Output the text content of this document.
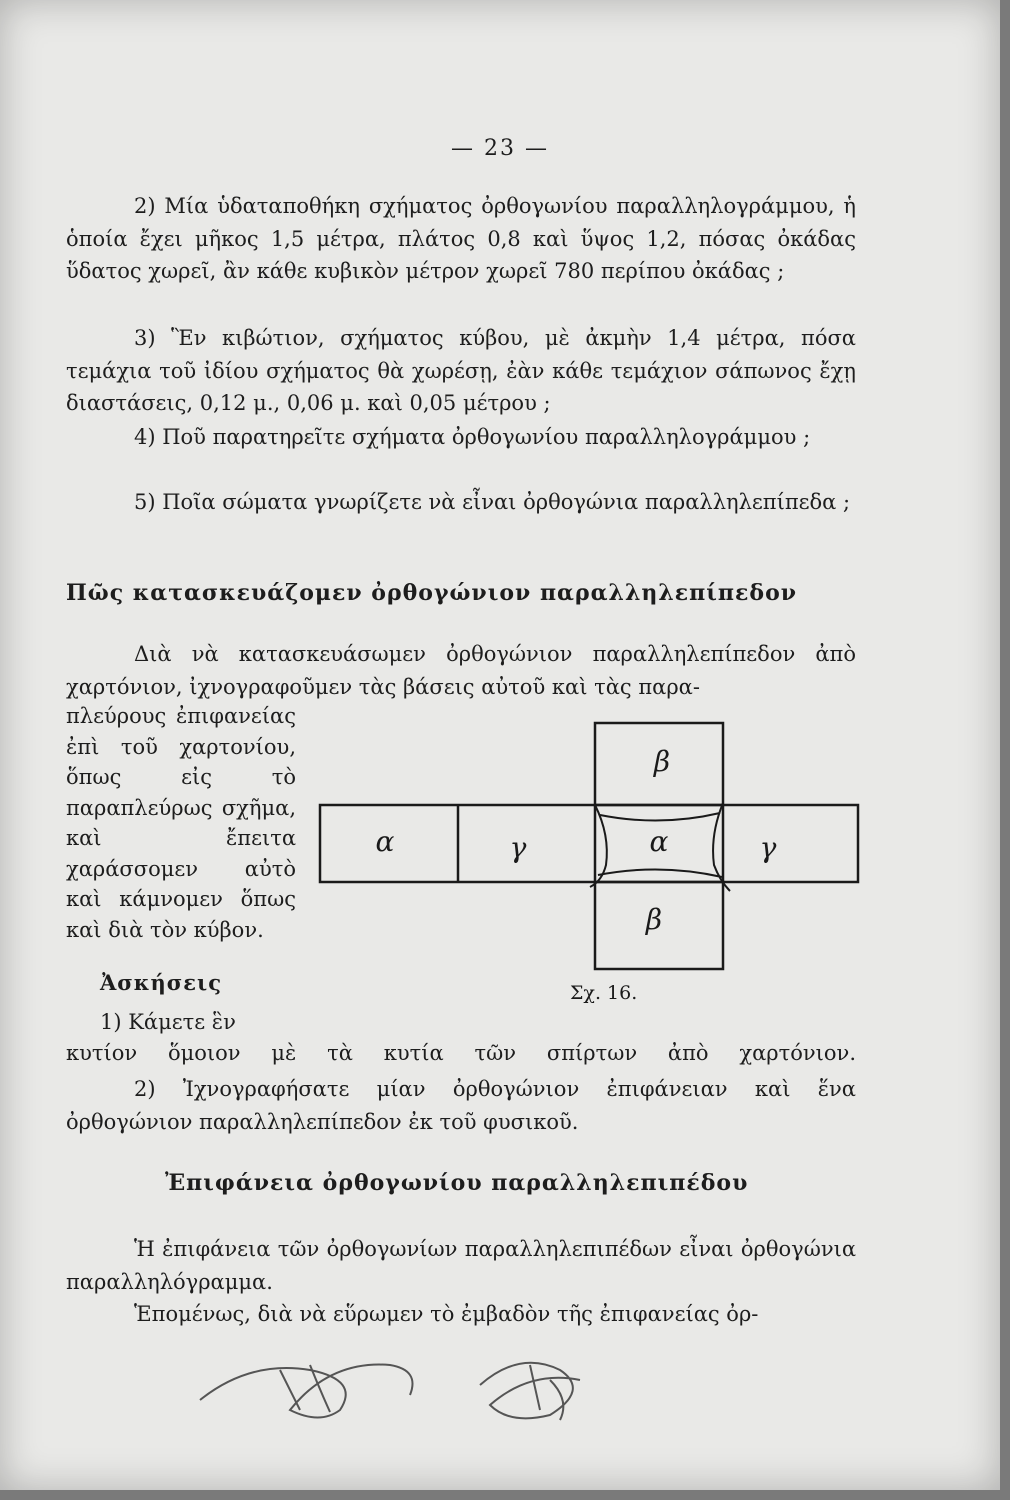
— 23 —
2) Μία ὑδαταποθήκη σχήματος ὀρθογωνίου παραλληλογράμμου, ἡ ὁποία ἔχει μῆκος 1,5 μέτρα, πλάτος 0,8 καὶ ὕψος 1,2, πόσας ὀκάδας ὕδατος χωρεῖ, ἂν κάθε κυβικὸν μέτρον χωρεῖ 780 περίπου ὀκάδας ;
3) Ἓν κιβώτιον, σχήματος κύβου, μὲ ἀκμὴν 1,4 μέτρα, πόσα τεμάχια τοῦ ἰδίου σχήματος θὰ χωρέσῃ, ἐὰν κάθε τεμάχιον σάπωνος ἔχῃ διαστάσεις, 0,12 μ., 0,06 μ. καὶ 0,05 μέτρου ;
4) Ποῦ παρατηρεῖτε σχήματα ὀρθογωνίου παραλληλογράμμου ;
5) Ποῖα σώματα γνωρίζετε νὰ εἶναι ὀρθογώνια παραλληλεπίπεδα ;
Πῶς κατασκευάζομεν ὀρθογώνιον παραλληλεπίπεδον
Διὰ νὰ κατασκευάσωμεν ὀρθογώνιον παραλληλεπίπεδον ἀπὸ χαρτόνιον, ἰχνογραφοῦμεν τὰς βάσεις αὐτοῦ καὶ τὰς παρα-
πλεύρους ἐπιφανείας ἐπὶ τοῦ χαρτονίου, ὅπως εἰς τὸ παραπλεύρως σχῆμα, καὶ ἔπειτα χαράσσομεν αὐτὸ καὶ κάμνομεν ὅπως καὶ διὰ τὸν κύβον.
α	γ	α	γ
β
β
Σχ. 16.
Ἀσκήσεις
1) Κάμετε ἓν
κυτίον ὅμοιον μὲ τὰ κυτία τῶν σπίρτων ἀπὸ χαρτόνιον.
2) Ἰχνογραφήσατε μίαν ὀρθογώνιον ἐπιφάνειαν καὶ ἕνα ὀρθογώνιον παραλληλεπίπεδον ἐκ τοῦ φυσικοῦ.
Ἐπιφάνεια ὀρθογωνίου παραλληλεπιπέδου
Ἡ ἐπιφάνεια τῶν ὀρθογωνίων παραλληλεπιπέδων εἶναι ὀρθογώνια παραλληλόγραμμα.
Ἑπομένως, διὰ νὰ εὕρωμεν τὸ ἐμβαδὸν τῆς ἐπιφανείας ὀρ-
